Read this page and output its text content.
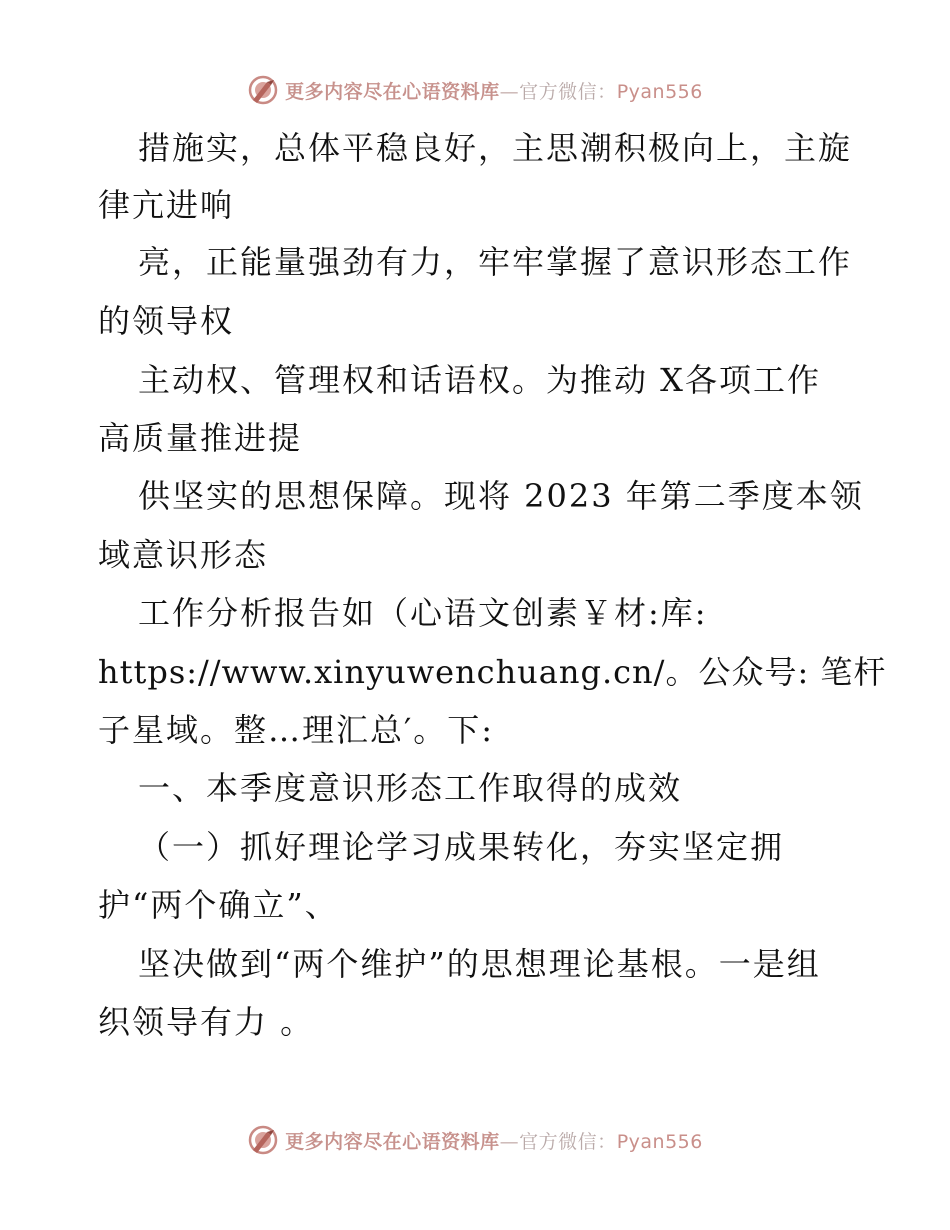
更多内容尽在心语资料库—官方微信：Pyan556
措施实，总体平稳良好，主思潮积极向上，主旋
律亢进响
亮，正能量强劲有力，牢牢掌握了意识形态工作
的领导权
主动权、管理权和话语权。为推动 X各项工作
高质量推进提
供坚实的思想保障。现将 2023 年第二季度本领
域意识形态
工作分析报告如（心语文创素￥材:库:
https://www.xinyuwenchuang.cn/。公众号: 笔杆
子星域。整…理汇总′。下:
一、本季度意识形态工作取得的成效
（一）抓好理论学习成果转化，夯实坚定拥
护“两个确立”、
坚决做到“两个维护”的思想理论基根。一是组
织领导有力 。
更多内容尽在心语资料库—官方微信：Pyan556
